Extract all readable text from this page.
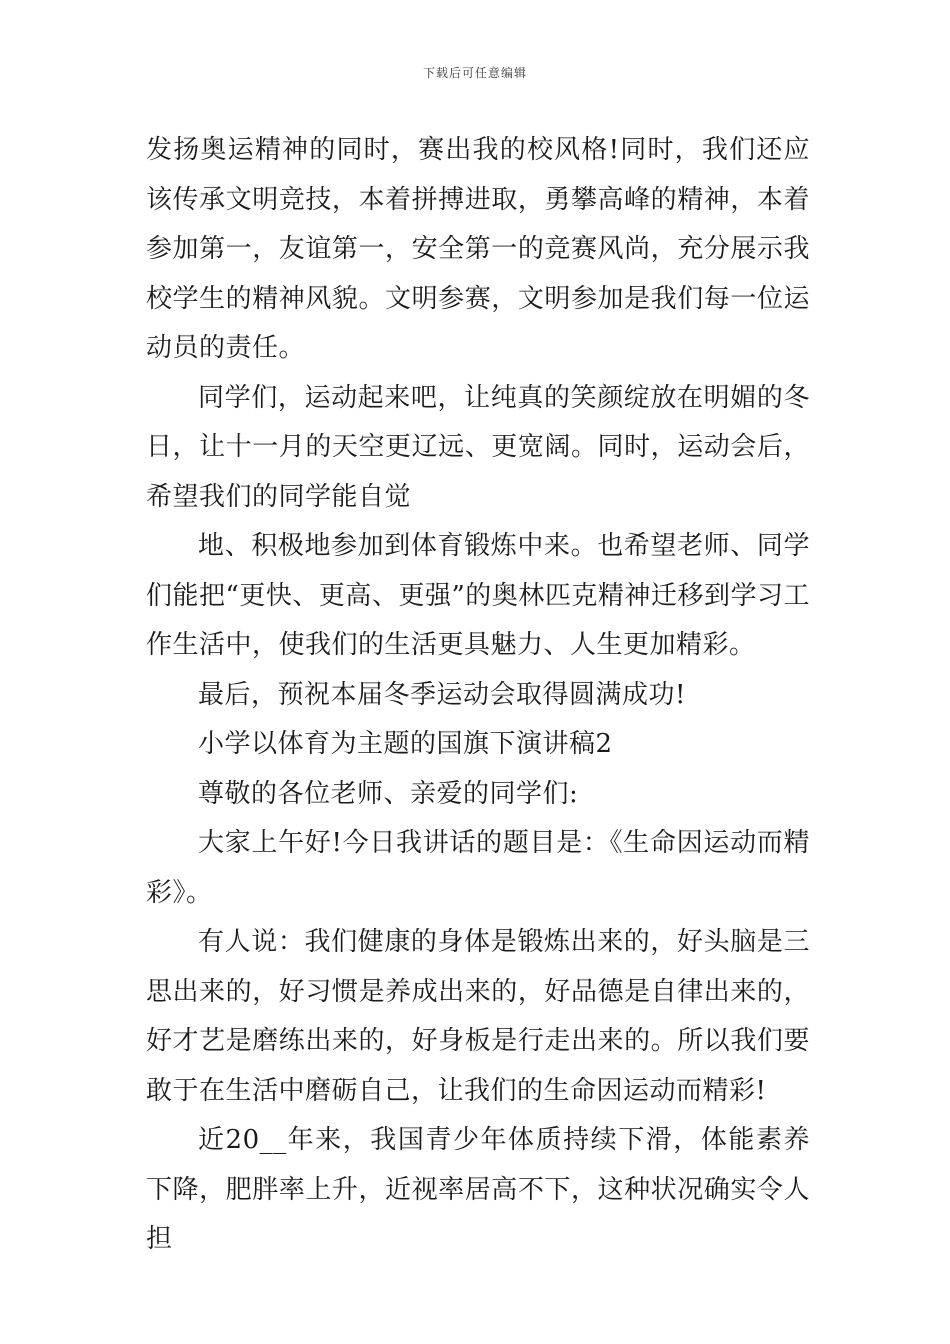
下载后可任意编辑

发扬奥运精神的同时，赛出我的校风格!同时，我们还应该传承文明竞技，本着拼搏进取，勇攀高峰的精神，本着参加第一，友谊第一，安全第一的竞赛风尚，充分展示我校学生的精神风貌。文明参赛，文明参加是我们每一位运动员的责任。

同学们，运动起来吧，让纯真的笑颜绽放在明媚的冬日，让十一月的天空更辽远、更宽阔。同时，运动会后，希望我们的同学能自觉

地、积极地参加到体育锻炼中来。也希望老师、同学们能把“更快、更高、更强”的奥林匹克精神迁移到学习工作生活中，使我们的生活更具魅力、人生更加精彩。

最后，预祝本届冬季运动会取得圆满成功!

小学以体育为主题的国旗下演讲稿2

尊敬的各位老师、亲爱的同学们:

大家上午好!今日我讲话的题目是：《生命因运动而精彩》。

有人说：我们健康的身体是锻炼出来的，好头脑是三思出来的，好习惯是养成出来的，好品德是自律出来的，好才艺是磨练出来的，好身板是行走出来的。所以我们要敢于在生活中磨砺自己，让我们的生命因运动而精彩!

近20__年来，我国青少年体质持续下滑，体能素养下降，肥胖率上升，近视率居高不下，这种状况确实令人担
